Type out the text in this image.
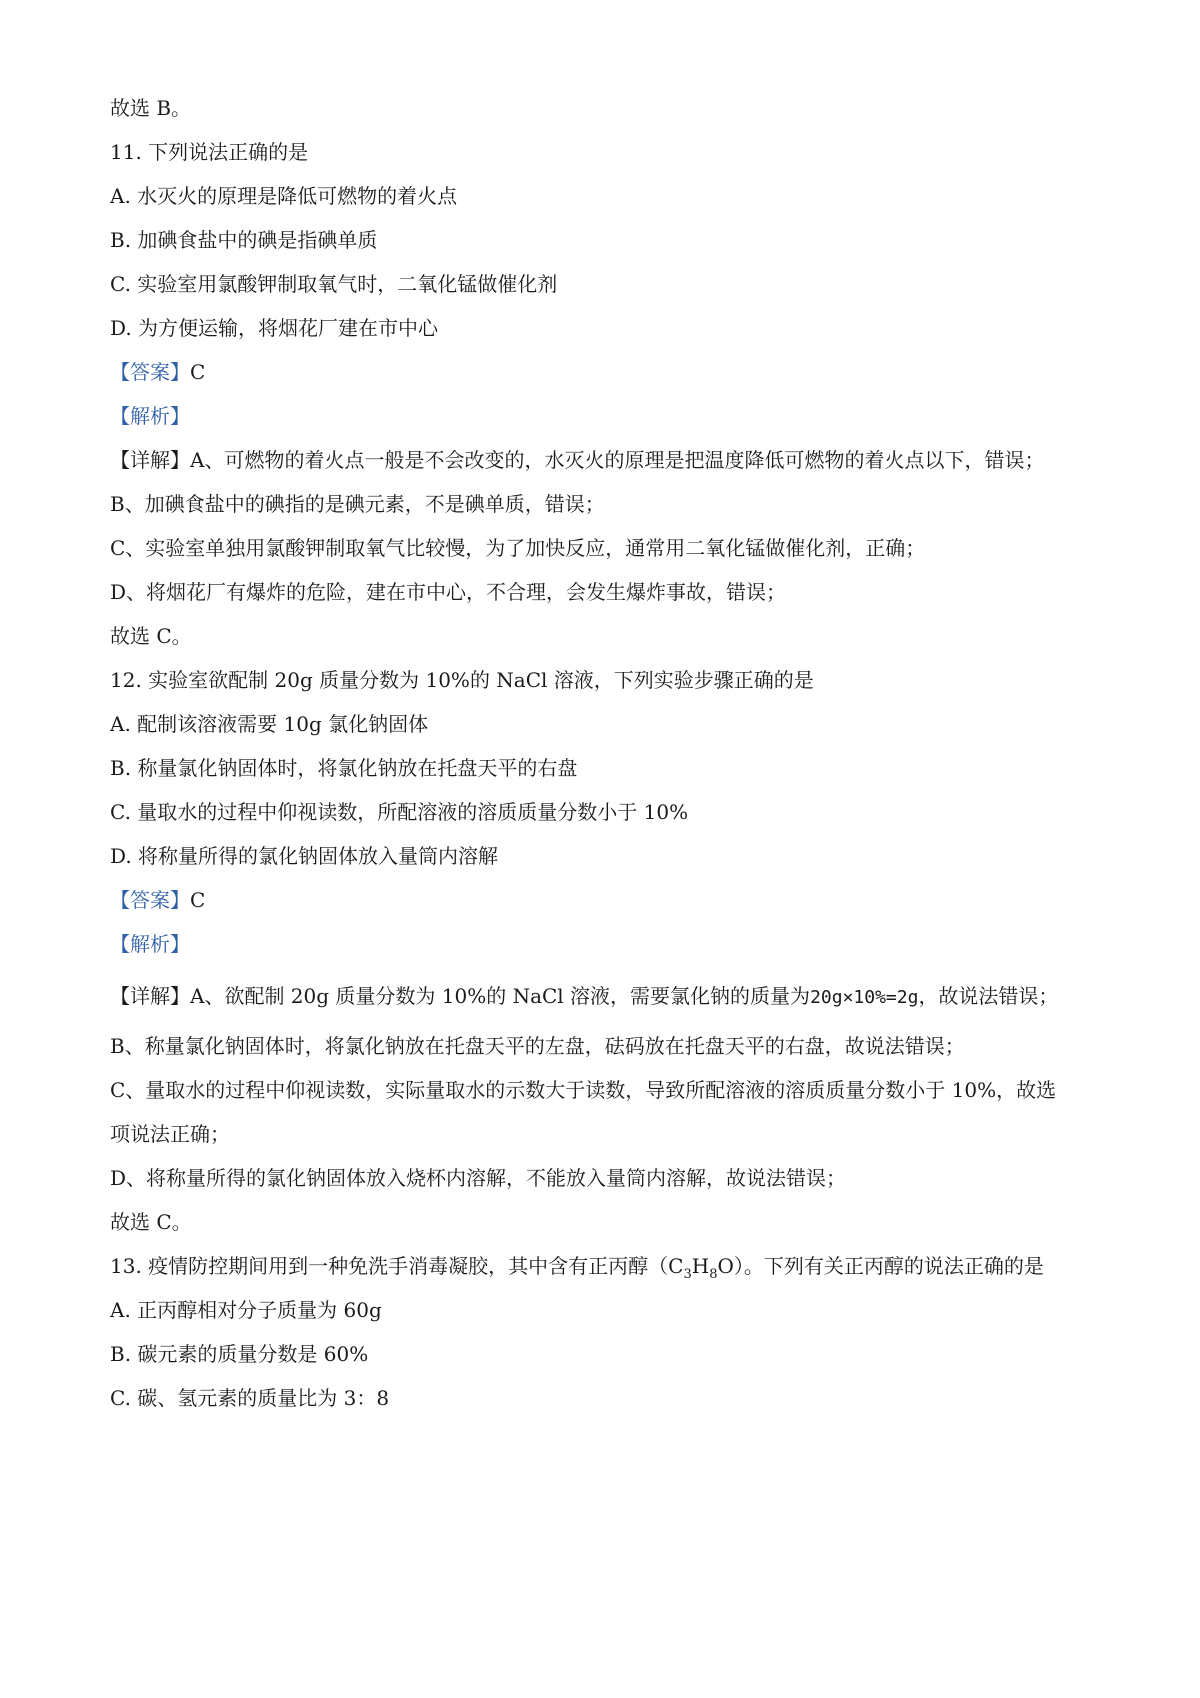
故选 B。
11. 下列说法正确的是
A. 水灭火的原理是降低可燃物的着火点
B. 加碘食盐中的碘是指碘单质
C. 实验室用氯酸钾制取氧气时，二氧化锰做催化剂
D. 为方便运输，将烟花厂建在市中心
【答案】C
【解析】
【详解】A、可燃物的着火点一般是不会改变的，水灭火的原理是把温度降低可燃物的着火点以下，错误；
B、加碘食盐中的碘指的是碘元素，不是碘单质，错误；
C、实验室单独用氯酸钾制取氧气比较慢，为了加快反应，通常用二氧化锰做催化剂，正确；
D、将烟花厂有爆炸的危险，建在市中心，不合理，会发生爆炸事故，错误；
故选 C。
12. 实验室欲配制 20g 质量分数为 10%的 NaCl 溶液，下列实验步骤正确的是
A. 配制该溶液需要 10g 氯化钠固体
B. 称量氯化钠固体时，将氯化钠放在托盘天平的右盘
C. 量取水的过程中仰视读数，所配溶液的溶质质量分数小于 10%
D. 将称量所得的氯化钠固体放入量筒内溶解
【答案】C
【解析】
【详解】A、欲配制 20g 质量分数为 10%的 NaCl 溶液，需要氯化钠的质量为20g×10%=2g，故说法错误；
B、称量氯化钠固体时，将氯化钠放在托盘天平的左盘，砝码放在托盘天平的右盘，故说法错误；
C、量取水的过程中仰视读数，实际量取水的示数大于读数，导致所配溶液的溶质质量分数小于 10%，故选
项说法正确；
D、将称量所得的氯化钠固体放入烧杯内溶解，不能放入量筒内溶解，故说法错误；
故选 C。
13. 疫情防控期间用到一种免洗手消毒凝胶，其中含有正丙醇$(C_3H_8O)$。下列有关正丙醇的说法正确的是
A. 正丙醇相对分子质量为 60g
B. 碳元素的质量分数是 60%
C. 碳、氢元素的质量比为 3：8
